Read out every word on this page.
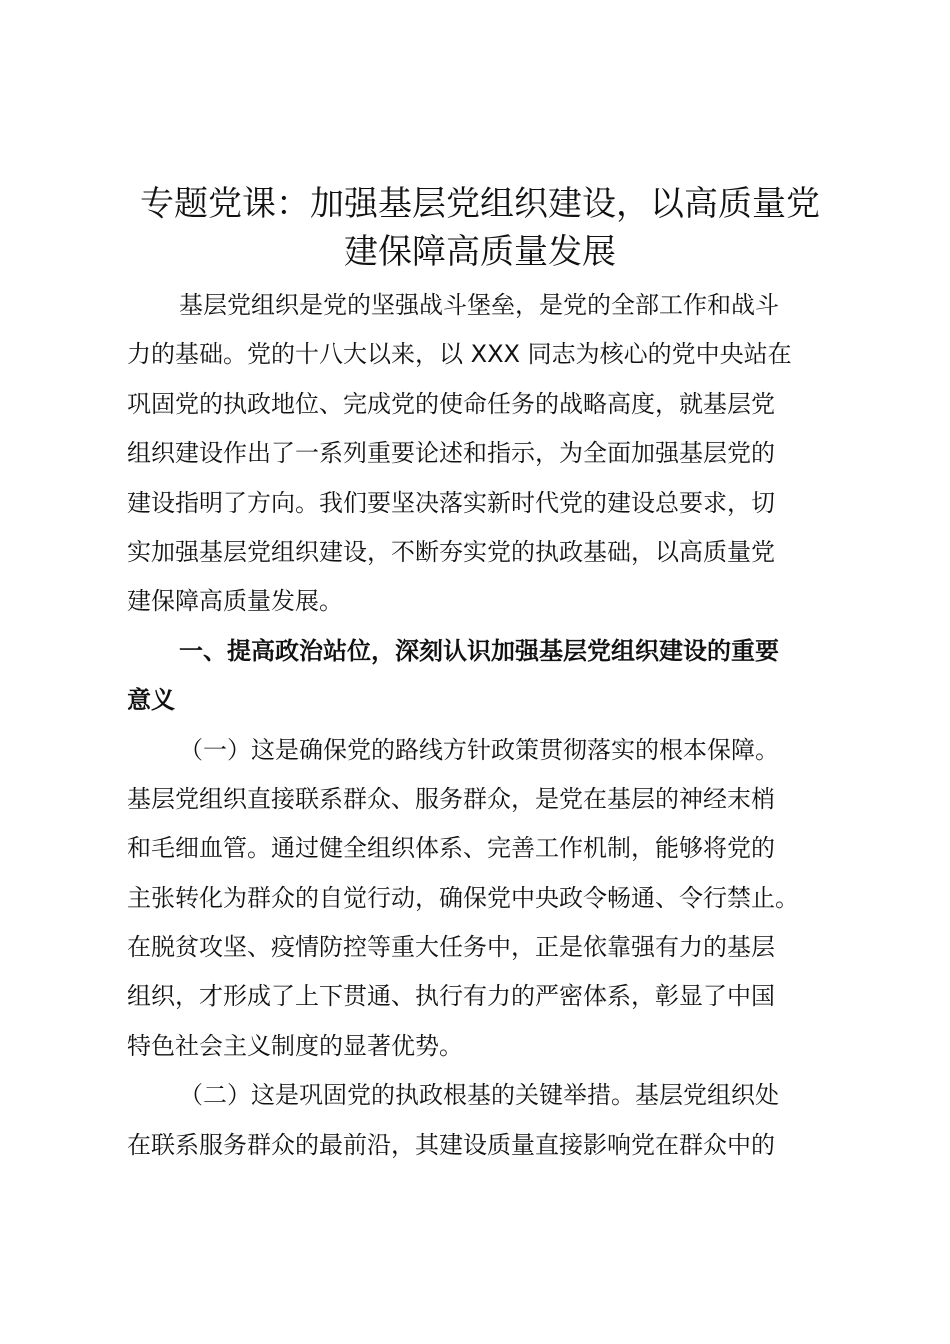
专题党课：加强基层党组织建设，以高质量党
建保障高质量发展
基层党组织是党的坚强战斗堡垒，是党的全部工作和战斗
力的基础。党的十八大以来，以 XXX 同志为核心的党中央站在
巩固党的执政地位、完成党的使命任务的战略高度，就基层党
组织建设作出了一系列重要论述和指示，为全面加强基层党的
建设指明了方向。我们要坚决落实新时代党的建设总要求，切
实加强基层党组织建设，不断夯实党的执政基础，以高质量党
建保障高质量发展。
一、提高政治站位，深刻认识加强基层党组织建设的重要
意义
（一）这是确保党的路线方针政策贯彻落实的根本保障。
基层党组织直接联系群众、服务群众，是党在基层的神经末梢
和毛细血管。通过健全组织体系、完善工作机制，能够将党的
主张转化为群众的自觉行动，确保党中央政令畅通、令行禁止。
在脱贫攻坚、疫情防控等重大任务中，正是依靠强有力的基层
组织，才形成了上下贯通、执行有力的严密体系，彰显了中国
特色社会主义制度的显著优势。
（二）这是巩固党的执政根基的关键举措。基层党组织处
在联系服务群众的最前沿，其建设质量直接影响党在群众中的
